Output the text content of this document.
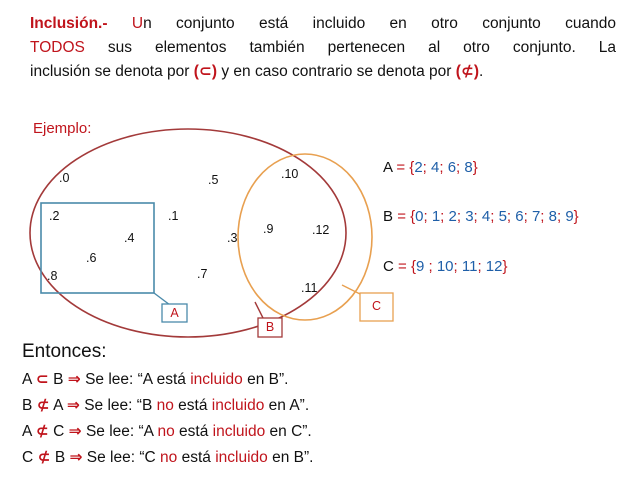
Inclusión.- Un conjunto está incluido en otro conjunto cuando
TODOS sus elementos también pertenecen al otro conjunto. La
inclusión se denota por (⊂) y en caso contrario se denota por (⊄).
Ejemplo:
.0	.5	.10
.2
.4
.6
.8
.1
.3
.7
.9	.12
.11
A
B
C
A = {2; 4; 6; 8}
B = {0; 1; 2; 3; 4; 5; 6; 7; 8; 9}
C = {9 ; 10; 11; 12}
Entonces:
A ⊂ B ⇒ Se lee: “A está incluido en B”.
B ⊄ A ⇒ Se lee: “B no está incluido en A”.
A ⊄ C ⇒ Se lee: “A no está incluido en C”.
C ⊄ B ⇒ Se lee: “C no está incluido en B”.
